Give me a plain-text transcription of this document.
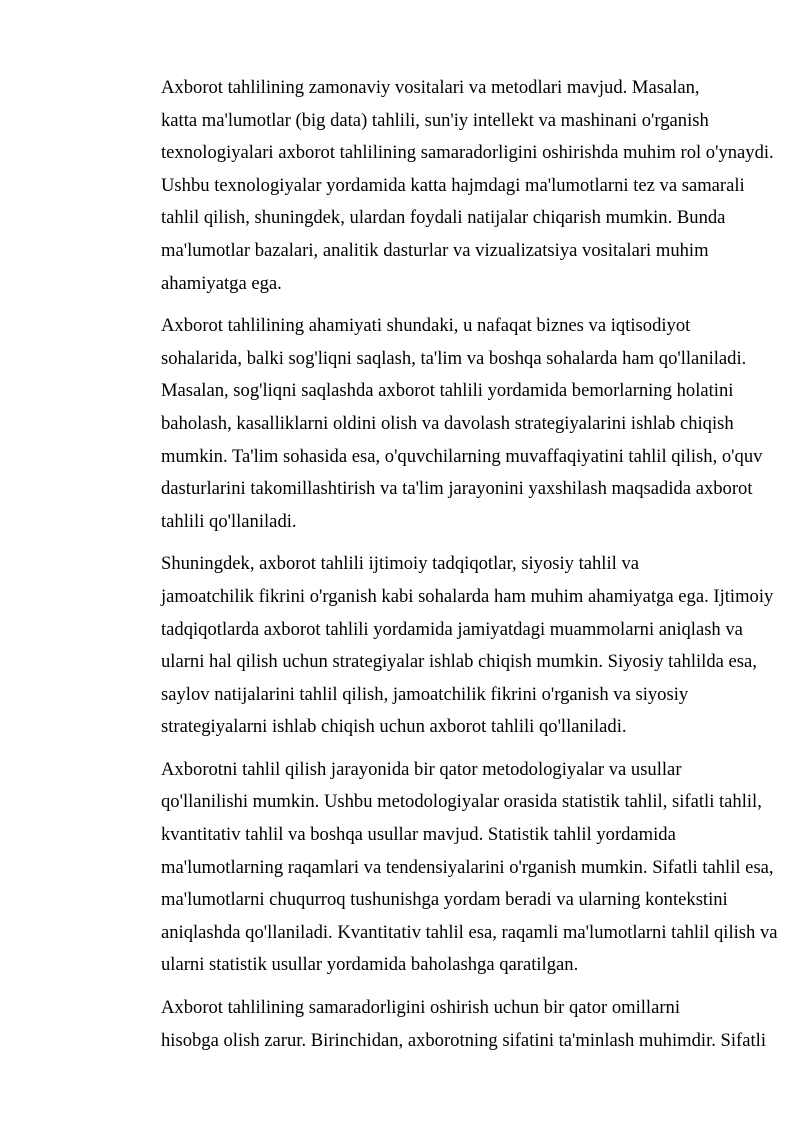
Axborot tahlilining zamonaviy vositalari va metodlari mavjud. Masalan,
katta ma'lumotlar (big data) tahlili, sun'iy intellekt va mashinani o'rganish
texnologiyalari axborot tahlilining samaradorligini oshirishda muhim rol o'ynaydi.
Ushbu texnologiyalar yordamida katta hajmdagi ma'lumotlarni tez va samarali
tahlil qilish, shuningdek, ulardan foydali natijalar chiqarish mumkin. Bunda
ma'lumotlar bazalari, analitik dasturlar va vizualizatsiya vositalari muhim
ahamiyatga ega.

Axborot tahlilining ahamiyati shundaki, u nafaqat biznes va iqtisodiyot
sohalarida, balki sog'liqni saqlash, ta'lim va boshqa sohalarda ham qo'llaniladi.
Masalan, sog'liqni saqlashda axborot tahlili yordamida bemorlarning holatini
baholash, kasalliklarni oldini olish va davolash strategiyalarini ishlab chiqish
mumkin. Ta'lim sohasida esa, o'quvchilarning muvaffaqiyatini tahlil qilish, o'quv
dasturlarini takomillashtirish va ta'lim jarayonini yaxshilash maqsadida axborot
tahlili qo'llaniladi.

Shuningdek, axborot tahlili ijtimoiy tadqiqotlar, siyosiy tahlil va
jamoatchilik fikrini o'rganish kabi sohalarda ham muhim ahamiyatga ega. Ijtimoiy
tadqiqotlarda axborot tahlili yordamida jamiyatdagi muammolarni aniqlash va
ularni hal qilish uchun strategiyalar ishlab chiqish mumkin. Siyosiy tahlilda esa,
saylov natijalarini tahlil qilish, jamoatchilik fikrini o'rganish va siyosiy
strategiyalarni ishlab chiqish uchun axborot tahlili qo'llaniladi.

Axborotni tahlil qilish jarayonida bir qator metodologiyalar va usullar
qo'llanilishi mumkin. Ushbu metodologiyalar orasida statistik tahlil, sifatli tahlil,
kvantitativ tahlil va boshqa usullar mavjud. Statistik tahlil yordamida
ma'lumotlarning raqamlari va tendensiyalarini o'rganish mumkin. Sifatli tahlil esa,
ma'lumotlarni chuqurroq tushunishga yordam beradi va ularning kontekstini
aniqlashda qo'llaniladi. Kvantitativ tahlil esa, raqamli ma'lumotlarni tahlil qilish va
ularni statistik usullar yordamida baholashga qaratilgan.

Axborot tahlilining samaradorligini oshirish uchun bir qator omillarni
hisobga olish zarur. Birinchidan, axborotning sifatini ta'minlash muhimdir. Sifatli
